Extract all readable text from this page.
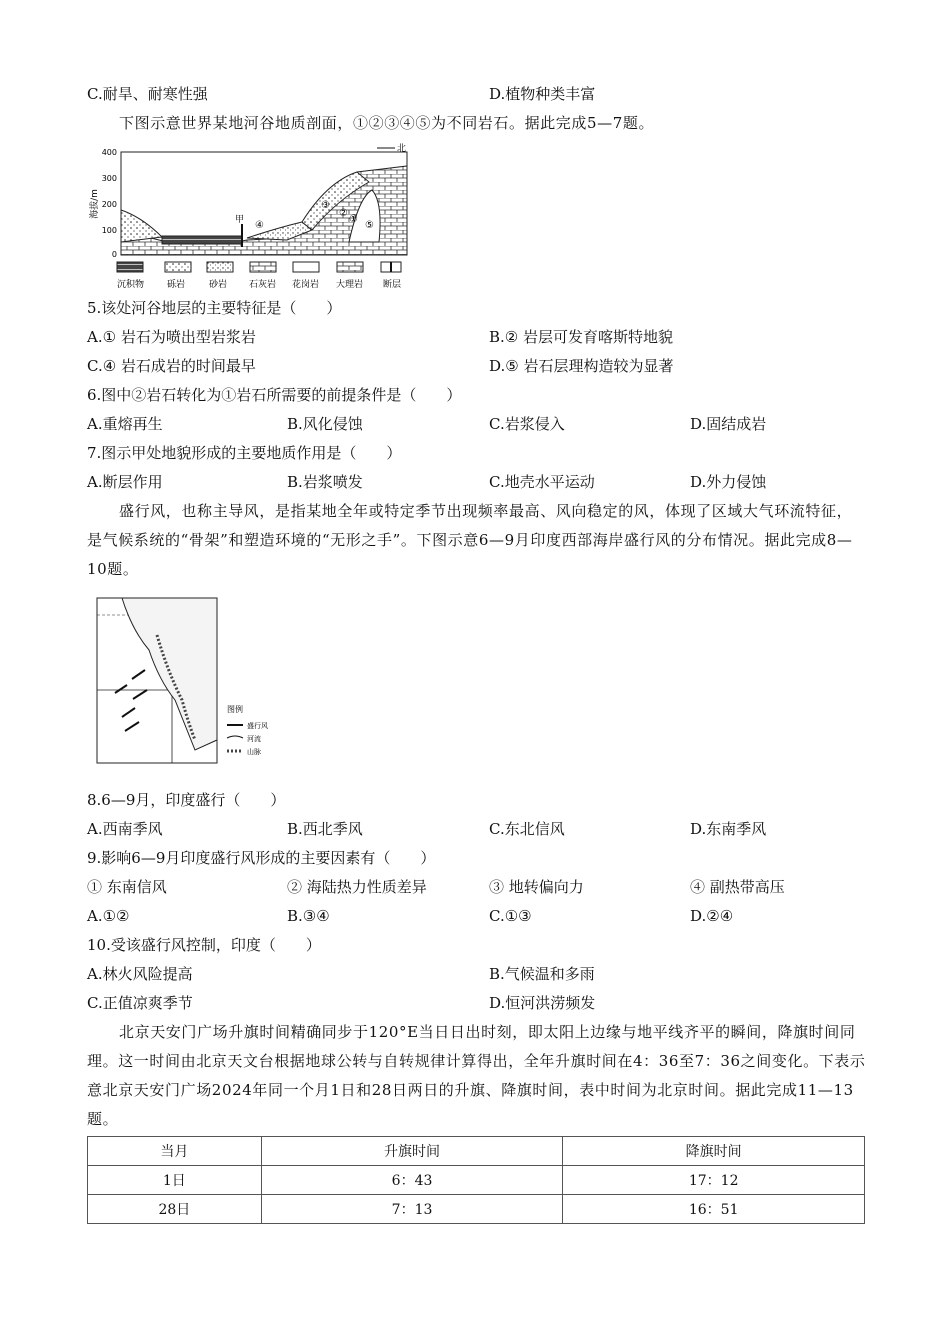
C.耐旱、耐寒性强	D.植物种类丰富

下图示意世界某地河谷地质剖面，①②③④⑤为不同岩石。据此完成5—7题。

海拔/m
400
300
200
100
0
北
甲	①
②
③
④	⑤
沉积物	砾岩	砂岩 石灰岩 花岗岩 大理岩 断层
5.该处河谷地层的主要特征是（　　）
A.① 岩石为喷出型岩浆岩	B.② 岩层可发育喀斯特地貌
C.④ 岩石成岩的时间最早	D.⑤ 岩石层理构造较为显著
6.图中②岩石转化为①岩石所需要的前提条件是（　　）
A.重熔再生	B.风化侵蚀	C.岩浆侵入	D.固结成岩
7.图示甲处地貌形成的主要地质作用是（　　）
A.断层作用	B.岩浆喷发	C.地壳水平运动	D.外力侵蚀

盛行风，也称主导风，是指某地全年或特定季节出现频率最高、风向稳定的风，体现了区域大气环流特征，是气候系统的“骨架”和塑造环境的“无形之手”。下图示意6—9月印度西部海岸盛行风的分布情况。据此完成8—10题。

图例
盛行风
河流
山脉
8.6—9月，印度盛行（　　）
A.西南季风	B.西北季风	C.东北信风	D.东南季风
9.影响6—9月印度盛行风形成的主要因素有（　　）
① 东南信风	② 海陆热力性质差异	③ 地转偏向力	④ 副热带高压
A.①②	B.③④	C.①③	D.②④
10.受该盛行风控制，印度（　　）
A.林火风险提高	B.气候温和多雨
C.正值凉爽季节	D.恒河洪涝频发

北京天安门广场升旗时间精确同步于120°E当日日出时刻，即太阳上边缘与地平线齐平的瞬间，降旗时间同理。这一时间由北京天文台根据地球公转与自转规律计算得出，全年升旗时间在4：36至7：36之间变化。下表示意北京天安门广场2024年同一个月1日和28日两日的升旗、降旗时间，表中时间为北京时间。据此完成11—13题。

当月	升旗时间	降旗时间
1日	6：43	17：12
28日	7：13	16：51
